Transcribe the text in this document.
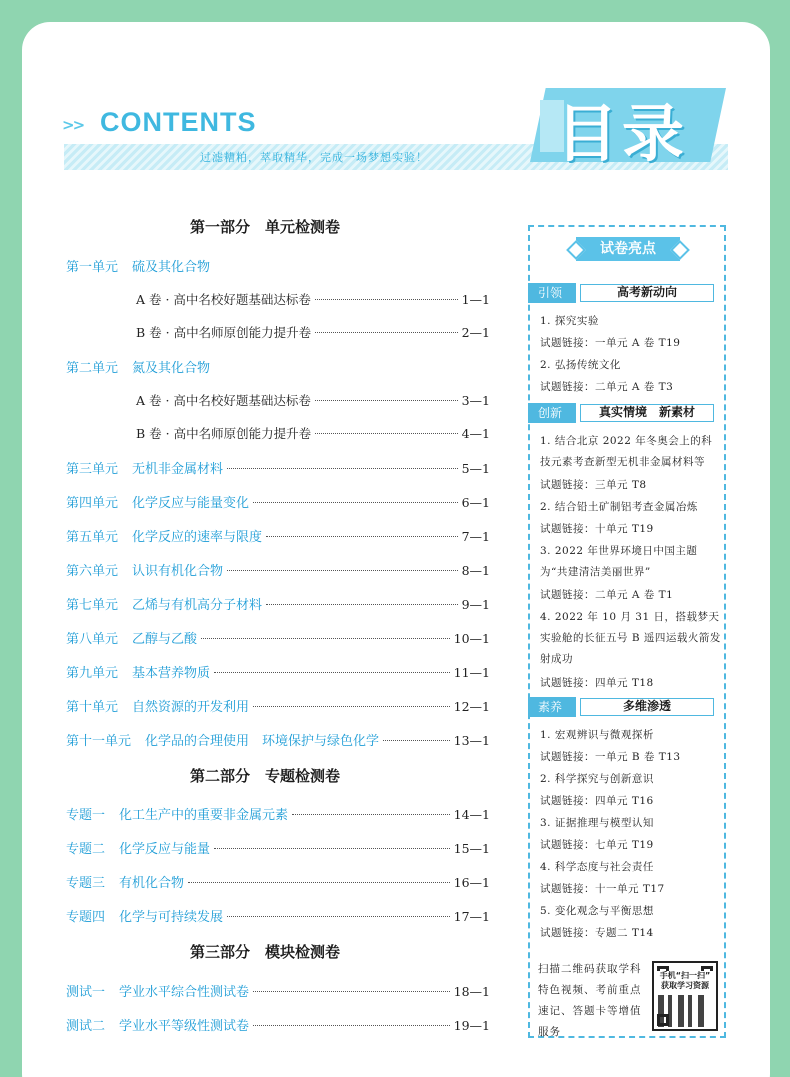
>> CONTENTS
过滤糟粕，萃取精华，完成一场梦想实验！ 目录
第一部分　单元检测卷
第一单元 硫及其化合物
A 卷 · 高中名校好题基础达标卷	1—1
B 卷 · 高中名师原创能力提升卷	2—1
第二单元 氮及其化合物
A 卷 · 高中名校好题基础达标卷	3—1
B 卷 · 高中名师原创能力提升卷	4—1
第三单元 无机非金属材料	5—1
第四单元 化学反应与能量变化	6—1
第五单元 化学反应的速率与限度	7—1
第六单元 认识有机化合物	8—1
第七单元 乙烯与有机高分子材料	9—1
第八单元 乙醇与乙酸	10—1
第九单元 基本营养物质	11—1
第十单元 自然资源的开发利用	12—1
第十一单元 化学品的合理使用　环境保护与绿色化学	13—1
第二部分　专题检测卷
专题一 化工生产中的重要非金属元素	14—1
专题二 化学反应与能量	15—1
专题三 有机化合物	16—1
专题四 化学与可持续发展	17—1
第三部分　模块检测卷
测试一 学业水平综合性测试卷	18—1
测试二 学业水平等级性测试卷	19—1
试卷亮点
引领	高考新动向
1. 探究实验
试题链接：一单元 A 卷 T19
2. 弘扬传统文化
试题链接：二单元 A 卷 T3
创新	真实情境　新素材
1. 结合北京 2022 年冬奥会上的科技元素考查新型无机非金属材料等
试题链接：三单元 T8
2. 结合铅土矿制铝考查金属冶炼
试题链接：十单元 T19
3. 2022 年世界环境日中国主题为“共建清洁美丽世界”
试题链接：二单元 A 卷 T1
4. 2022 年 10 月 31 日，搭载梦天实验舱的长征五号 B 遥四运载火箭发射成功
试题链接：四单元 T18
素养	多维渗透
1. 宏观辨识与微观探析
试题链接：一单元 B 卷 T13
2. 科学探究与创新意识
试题链接：四单元 T16
3. 证据推理与模型认知
试题链接：七单元 T19
4. 科学态度与社会责任
试题链接：十一单元 T17
5. 变化观念与平衡思想
试题链接：专题二 T14
扫描二维码获取学科特色视频、考前重点速记、答题卡等增值服务
手机“扫一扫”
获取学习资源
